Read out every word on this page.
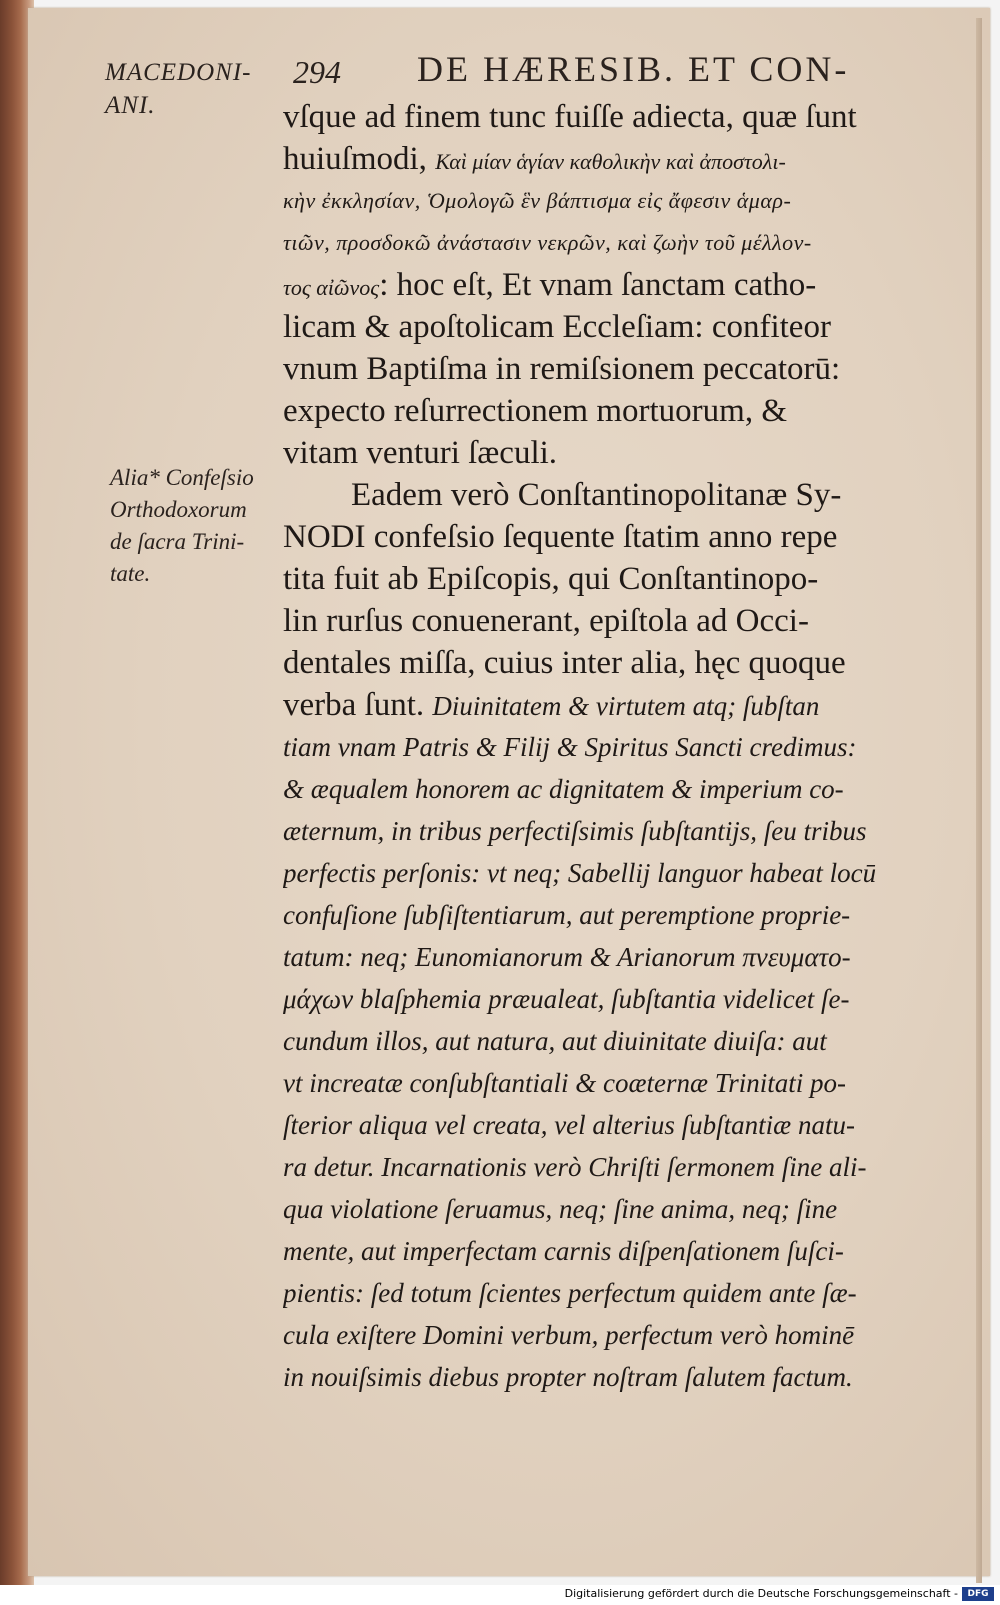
MACEDONI-
ANI.
294 DE HÆRESIB. ET CON-
Alia* Confeſsio
Orthodoxorum
de ſacra Trini-
tate.
vſque ad finem tunc fuiſſe adiecta, quæ ſunt
huiuſmodi, Καὶ μίαν ἁγίαν καθολικὴν καὶ ἀποστολι-
κὴν ἐκκλησίαν, Ὁμολογῶ ἓν βάπτισμα εἰς ἄφεσιν ἁμαρ-
τιῶν, προσδοκῶ ἀνάστασιν νεκρῶν, καὶ ζωὴν τοῦ μέλλον-
τος αἰῶνος: hoc eſt, Et vnam ſanctam catho-
licam & apoſtolicam Eccleſiam: confiteor
vnum Baptiſma in remiſsionem peccatorū:
expecto reſurrectionem mortuorum, &
vitam venturi ſæculi.
Eadem verò Conſtantinopolitanæ Sy-
NODI confeſsio ſequente ſtatim anno repe
tita fuit ab Epiſcopis, qui Conſtantinopo-
lin rurſus conuenerant, epiſtola ad Occi-
dentales miſſa, cuius inter alia, hęc quoque
verba ſunt. Diuinitatem & virtutem atq; ſubſtan
tiam vnam Patris & Filij & Spiritus Sancti credimus:
& æqualem honorem ac dignitatem & imperium co-
æternum, in tribus perfectiſsimis ſubſtantijs, ſeu tribus
perfectis perſonis: vt neq; Sabellij languor habeat locū
confuſione ſubſiſtentiarum, aut peremptione proprie-
tatum: neq; Eunomianorum & Arianorum πνευματο-
μάχων blaſphemia præualeat, ſubſtantia videlicet ſe-
cundum illos, aut natura, aut diuinitate diuiſa: aut
vt increatæ conſubſtantiali & coæternæ Trinitati po-
ſterior aliqua vel creata, vel alterius ſubſtantiæ natu-
ra detur. Incarnationis verò Chriſti ſermonem ſine ali-
qua violatione ſeruamus, neq; ſine anima, neq; ſine
mente, aut imperfectam carnis diſpenſationem ſuſci-
pientis: ſed totum ſcientes perfectum quidem ante ſæ-
cula exiſtere Domini verbum, perfectum verò hominē
in nouiſsimis diebus propter noſtram ſalutem factum.
Digitalisierung gefördert durch die Deutsche Forschungsgemeinschaft -	DFG
